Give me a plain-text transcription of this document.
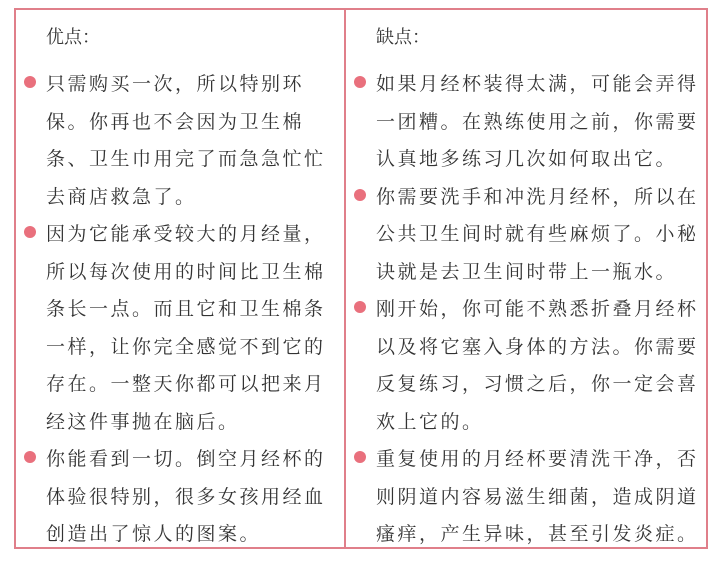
优点：
只需购买一次，所以特别环
保。你再也不会因为卫生棉
条、卫生巾用完了而急急忙忙
去商店救急了。
因为它能承受较大的月经量，
所以每次使用的时间比卫生棉
条长一点。而且它和卫生棉条
一样，让你完全感觉不到它的
存在。一整天你都可以把来月
经这件事抛在脑后。
你能看到一切。倒空月经杯的
体验很特别，很多女孩用经血
创造出了惊人的图案。
缺点：
如果月经杯装得太满，可能会弄得
一团糟。在熟练使用之前，你需要
认真地多练习几次如何取出它。
你需要洗手和冲洗月经杯，所以在
公共卫生间时就有些麻烦了。小秘
诀就是去卫生间时带上一瓶水。
刚开始，你可能不熟悉折叠月经杯
以及将它塞入身体的方法。你需要
反复练习，习惯之后，你一定会喜
欢上它的。
重复使用的月经杯要清洗干净，否
则阴道内容易滋生细菌，造成阴道
瘙痒，产生异味，甚至引发炎症。
